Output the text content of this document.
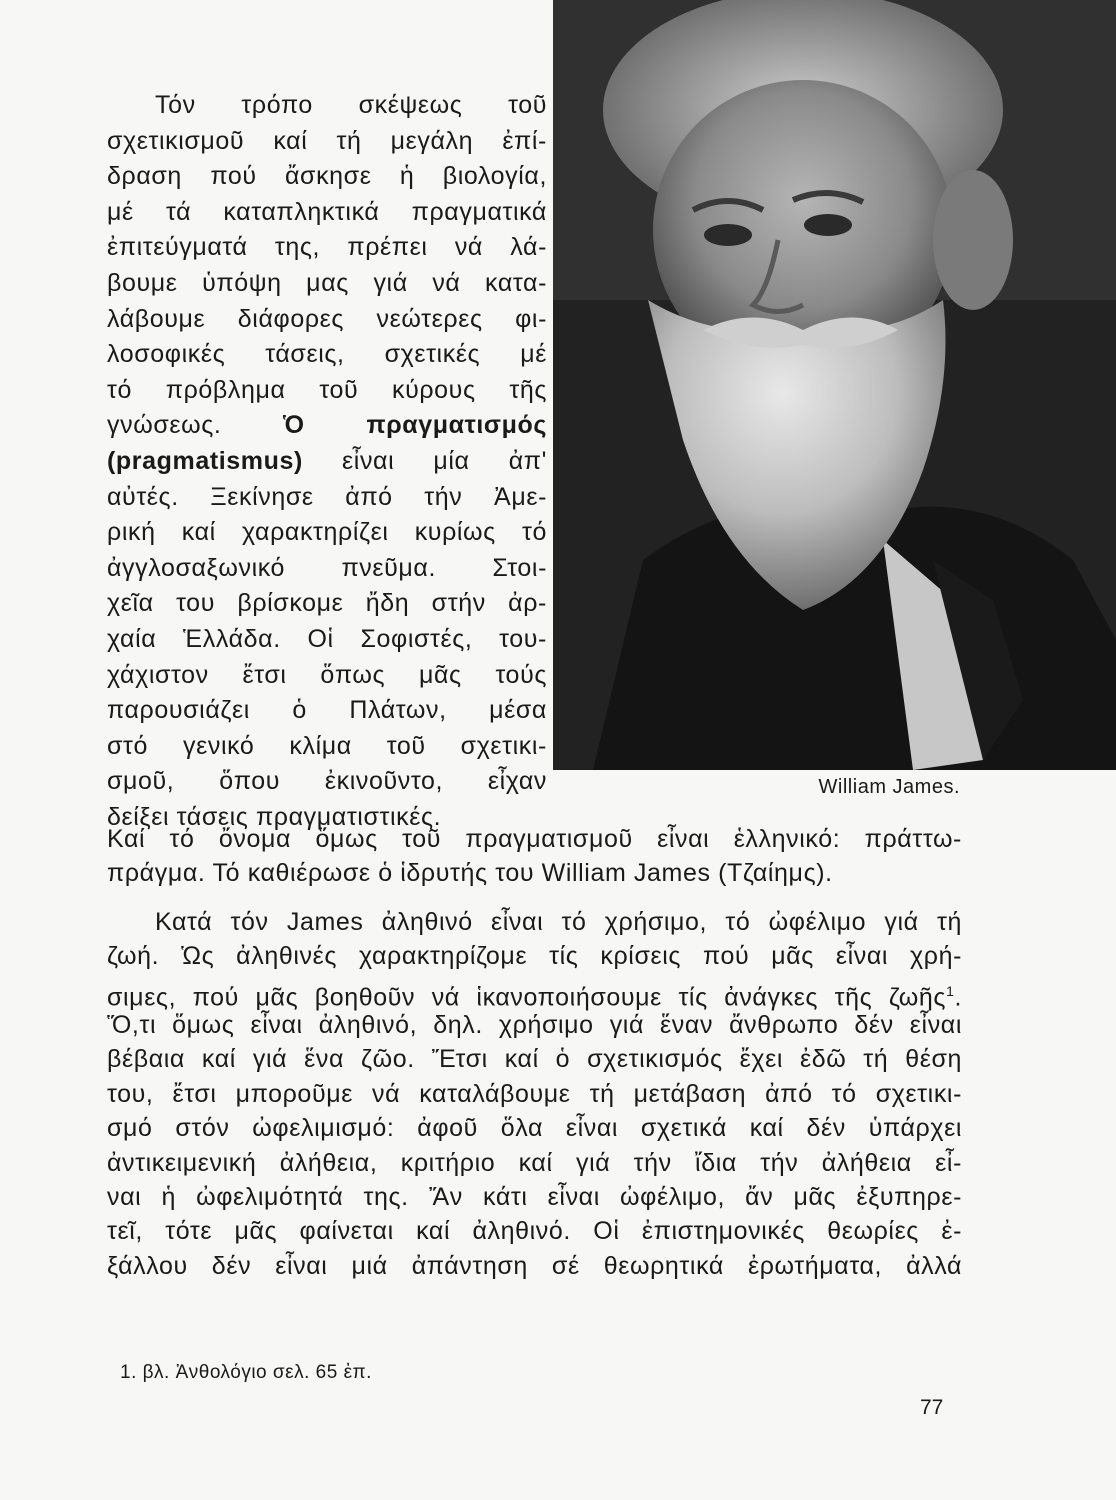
William James.
Τόν τρόπο σκέψεως τοῦ
σχετικισμοῦ καί τή μεγάλη ἐπί-
δραση πού ἄσκησε ἡ βιολογία,
μέ τά καταπληκτικά πραγματικά
ἐπιτεύγματά της, πρέπει νά λά-
βουμε ὑπόψη μας γιά νά κατα-
λάβουμε διάφορες νεώτερες φι-
λοσοφικές τάσεις, σχετικές μέ
τό πρόβλημα τοῦ κύρους τῆς
γνώσεως. Ὁ πραγματισμός
(pragmatismus) εἶναι μία ἀπ'
αὐτές. Ξεκίνησε ἀπό τήν Ἀμε-
ρική καί χαρακτηρίζει κυρίως τό
ἀγγλοσαξωνικό πνεῦμα. Στοι-
χεῖα του βρίσκομε ἤδη στήν ἀρ-
χαία Ἑλλάδα. Οἱ Σοφιστές, του-
χάχιστον ἔτσι ὅπως μᾶς τούς
παρουσιάζει ὁ Πλάτων, μέσα
στό γενικό κλίμα τοῦ σχετικι-
σμοῦ, ὅπου ἐκινοῦντο, εἶχαν
δείξει τάσεις πραγματιστικές.
Καί τό ὄνομα ὅμως τοῦ πραγματισμοῦ εἶναι ἑλληνικό: πράττω-
πράγμα. Τό καθιέρωσε ὁ ἱδρυτής του William James (Τζαίημς).
Κατά τόν James ἀληθινό εἶναι τό χρήσιμο, τό ὠφέλιμο γιά τή
ζωή. Ὡς ἀληθινές χαρακτηρίζομε τίς κρίσεις πού μᾶς εἶναι χρή-
σιμες, πού μᾶς βοηθοῦν νά ἱκανοποιήσουμε τίς ἀνάγκες τῆς ζωῆς$^1$.
Ὅ,τι ὅμως εἶναι ἀληθινό, δηλ. χρήσιμο γιά ἕναν ἄνθρωπο δέν εἶναι
βέβαια καί γιά ἕνα ζῶο. Ἔτσι καί ὁ σχετικισμός ἔχει ἐδῶ τή θέση
του, ἔτσι μποροῦμε νά καταλάβουμε τή μετάβαση ἀπό τό σχετικι-
σμό στόν ὠφελιμισμό: ἀφοῦ ὅλα εἶναι σχετικά καί δέν ὑπάρχει
ἀντικειμενική ἀλήθεια, κριτήριο καί γιά τήν ἴδια τήν ἀλήθεια εἶ-
ναι ἡ ὠφελιμότητά της. Ἄν κάτι εἶναι ὠφέλιμο, ἄν μᾶς ἐξυπηρε-
τεῖ, τότε μᾶς φαίνεται καί ἀληθινό. Οἱ ἐπιστημονικές θεωρίες ἐ-
ξάλλου δέν εἶναι μιά ἀπάντηση σέ θεωρητικά ἐρωτήματα, ἀλλά
1. βλ. Ἀνθολόγιο σελ. 65 ἐπ.
77
